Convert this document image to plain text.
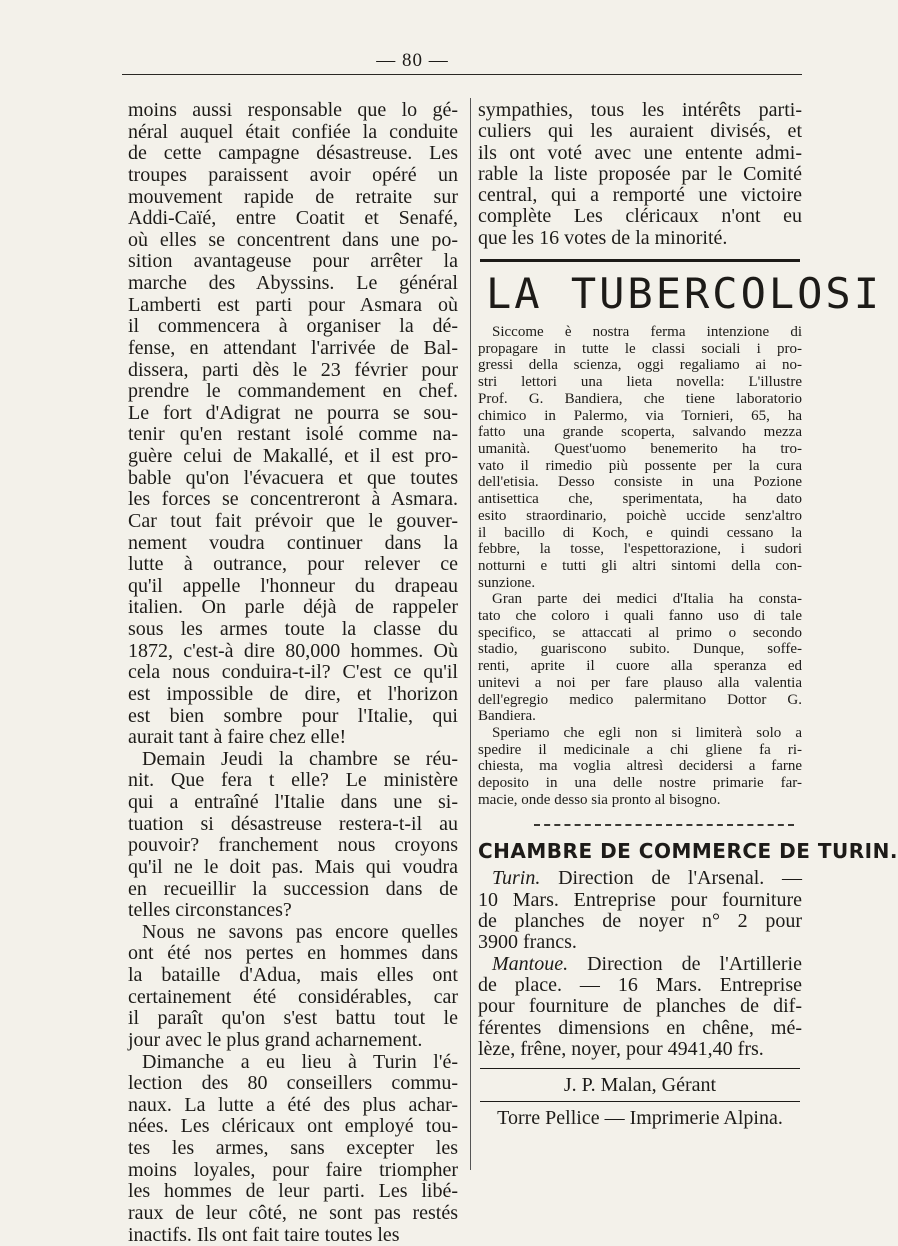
— 80 —
moins aussi responsable que lo gé-
néral auquel était confiée la conduite
de cette campagne désastreuse. Les
troupes paraissent avoir opéré un
mouvement rapide de retraite sur
Addi-Caïé, entre Coatit et Senafé,
où elles se concentrent dans une po-
sition avantageuse pour arrêter la
marche des Abyssins. Le général
Lamberti est parti pour Asmara où
il commencera à organiser la dé-
fense, en attendant l'arrivée de Bal-
dissera, parti dès le 23 février pour
prendre le commandement en chef.
Le fort d'Adigrat ne pourra se sou-
tenir qu'en restant isolé comme na-
guère celui de Makallé, et il est pro-
bable qu'on l'évacuera et que toutes
les forces se concentreront à Asmara.
Car tout fait prévoir que le gouver-
nement voudra continuer dans la
lutte à outrance, pour relever ce
qu'il appelle l'honneur du drapeau
italien. On parle déjà de rappeler
sous les armes toute la classe du
1872, c'est-à dire 80,000 hommes. Où
cela nous conduira-t-il? C'est ce qu'il
est impossible de dire, et l'horizon
est bien sombre pour l'Italie, qui
aurait tant à faire chez elle!
Demain Jeudi la chambre se réu-
nit. Que fera t elle? Le ministère
qui a entraîné l'Italie dans une si-
tuation si désastreuse restera-t-il au
pouvoir? franchement nous croyons
qu'il ne le doit pas. Mais qui voudra
en recueillir la succession dans de
telles circonstances?
Nous ne savons pas encore quelles
ont été nos pertes en hommes dans
la bataille d'Adua, mais elles ont
certainement été considérables, car
il paraît qu'on s'est battu tout le
jour avec le plus grand acharnement.
Dimanche a eu lieu à Turin l'é-
lection des 80 conseillers commu-
naux. La lutte a été des plus achar-
nées. Les cléricaux ont employé tou-
tes les armes, sans excepter les
moins loyales, pour faire triompher
les hommes de leur parti. Les libé-
raux de leur côté, ne sont pas restés
inactifs. Ils ont fait taire toutes les
sympathies, tous les intérêts parti-
culiers qui les auraient divisés, et
ils ont voté avec une entente admi-
rable la liste proposée par le Comité
central, qui a remporté une victoire
complète Les cléricaux n'ont eu
que les 16 votes de la minorité.
LA TUBERCOLOSI
Siccome è nostra ferma intenzione di
propagare in tutte le classi sociali i pro-
gressi della scienza, oggi regaliamo ai no-
stri lettori una lieta novella: L'illustre
Prof. G. Bandiera, che tiene laboratorio
chimico in Palermo, via Tornieri, 65, ha
fatto una grande scoperta, salvando mezza
umanità. Quest'uomo benemerito ha tro-
vato il rimedio più possente per la cura
dell'etisia. Desso consiste in una Pozione
antisettica che, sperimentata, ha dato
esito straordinario, poichè uccide senz'altro
il bacillo di Koch, e quindi cessano la
febbre, la tosse, l'espettorazione, i sudori
notturni e tutti gli altri sintomi della con-
sunzione.
Gran parte dei medici d'Italia ha consta-
tato che coloro i quali fanno uso di tale
specifico, se attaccati al primo o secondo
stadio, guariscono subito. Dunque, soffe-
renti, aprite il cuore alla speranza ed
unitevi a noi per fare plauso alla valentia
dell'egregio medico palermitano Dottor G.
Bandiera.
Speriamo che egli non si limiterà solo a
spedire il medicinale a chi gliene fa ri-
chiesta, ma voglia altresì decidersi a farne
deposito in una delle nostre primarie far-
macie, onde desso sia pronto al bisogno.
CHAMBRE DE COMMERCE DE TURIN.
Turin. Direction de l'Arsenal. —
10 Mars. Entreprise pour fourniture
de planches de noyer n° 2 pour
3900 francs.
Mantoue. Direction de l'Artillerie
de place. — 16 Mars. Entreprise
pour fourniture de planches de dif-
férentes dimensions en chêne, mé-
lèze, frêne, noyer, pour 4941,40 frs.
J. P. Malan, Gérant
Torre Pellice — Imprimerie Alpina.
